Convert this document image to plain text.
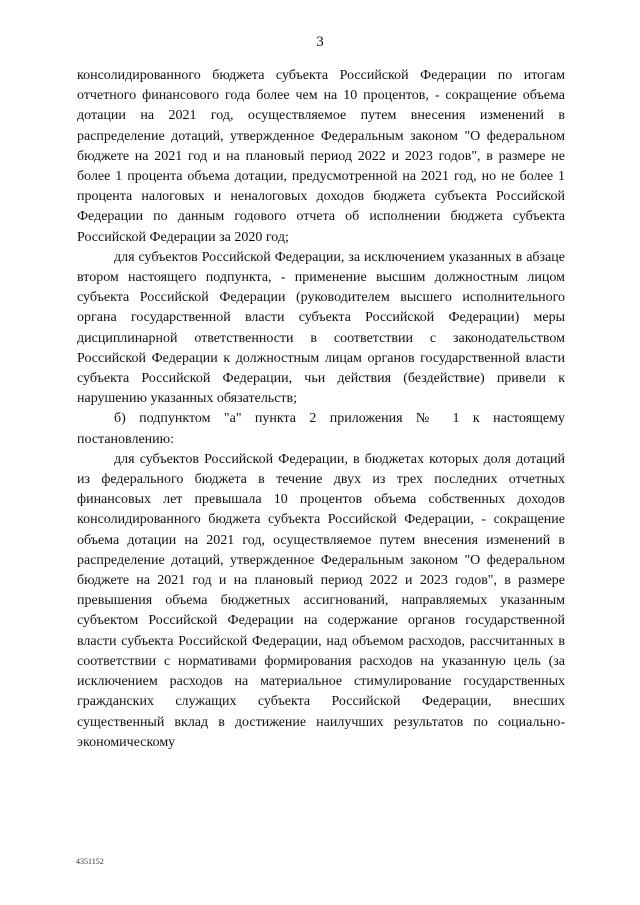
3

консолидированного бюджета субъекта Российской Федерации по итогам отчетного финансового года более чем на 10 процентов, - сокращение объема дотации на 2021 год, осуществляемое путем внесения изменений в распределение дотаций, утвержденное Федеральным законом "О федеральном бюджете на 2021 год и на плановый период 2022 и 2023 годов", в размере не более 1 процента объема дотации, предусмотренной на 2021 год, но не более 1 процента налоговых и неналоговых доходов бюджета субъекта Российской Федерации по данным годового отчета об исполнении бюджета субъекта Российской Федерации за 2020 год;

для субъектов Российской Федерации, за исключением указанных в абзаце втором настоящего подпункта, - применение высшим должностным лицом субъекта Российской Федерации (руководителем высшего исполнительного органа государственной власти субъекта Российской Федерации) меры дисциплинарной ответственности в соответствии с законодательством Российской Федерации к должностным лицам органов государственной власти субъекта Российской Федерации, чьи действия (бездействие) привели к нарушению указанных обязательств;

б) подпунктом "а" пункта 2 приложения № 1 к настоящему постановлению:

для субъектов Российской Федерации, в бюджетах которых доля дотаций из федерального бюджета в течение двух из трех последних отчетных финансовых лет превышала 10 процентов объема собственных доходов консолидированного бюджета субъекта Российской Федерации, - сокращение объема дотации на 2021 год, осуществляемое путем внесения изменений в распределение дотаций, утвержденное Федеральным законом "О федеральном бюджете на 2021 год и на плановый период 2022 и 2023 годов", в размере превышения объема бюджетных ассигнований, направляемых указанным субъектом Российской Федерации на содержание органов государственной власти субъекта Российской Федерации, над объемом расходов, рассчитанных в соответствии с нормативами формирования расходов на указанную цель (за исключением расходов на материальное стимулирование государственных гражданских служащих субъекта Российской Федерации, внесших существенный вклад в достижение наилучших результатов по социально-экономическому

4351152
